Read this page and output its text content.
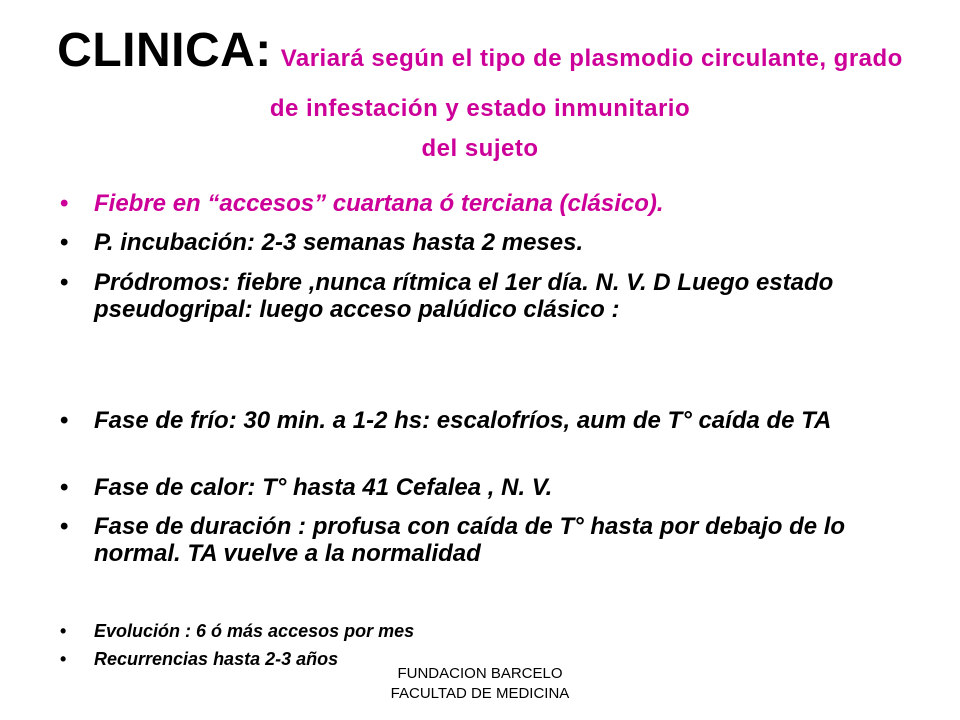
CLINICA: Variará según el tipo de plasmodio circulante, grado de infestación y estado inmunitario
del sujeto
• Fiebre en “accesos” cuartana ó terciana (clásico).
• P. incubación: 2-3 semanas hasta 2 meses.
• Pródromos: fiebre ,nunca rítmica el 1er día. N. V. D Luego estado pseudogripal: luego acceso palúdico clásico :
• Fase de frío: 30 min. a 1-2 hs: escalofríos, aum de T° caída de TA
• Fase de calor: T° hasta 41 Cefalea , N. V.
• Fase de duración : profusa con caída de T° hasta por debajo de lo normal. TA vuelve a la normalidad
• Evolución : 6 ó más accesos por mes
• Recurrencias hasta 2-3 años
FUNDACION BARCELO
FACULTAD DE MEDICINA
